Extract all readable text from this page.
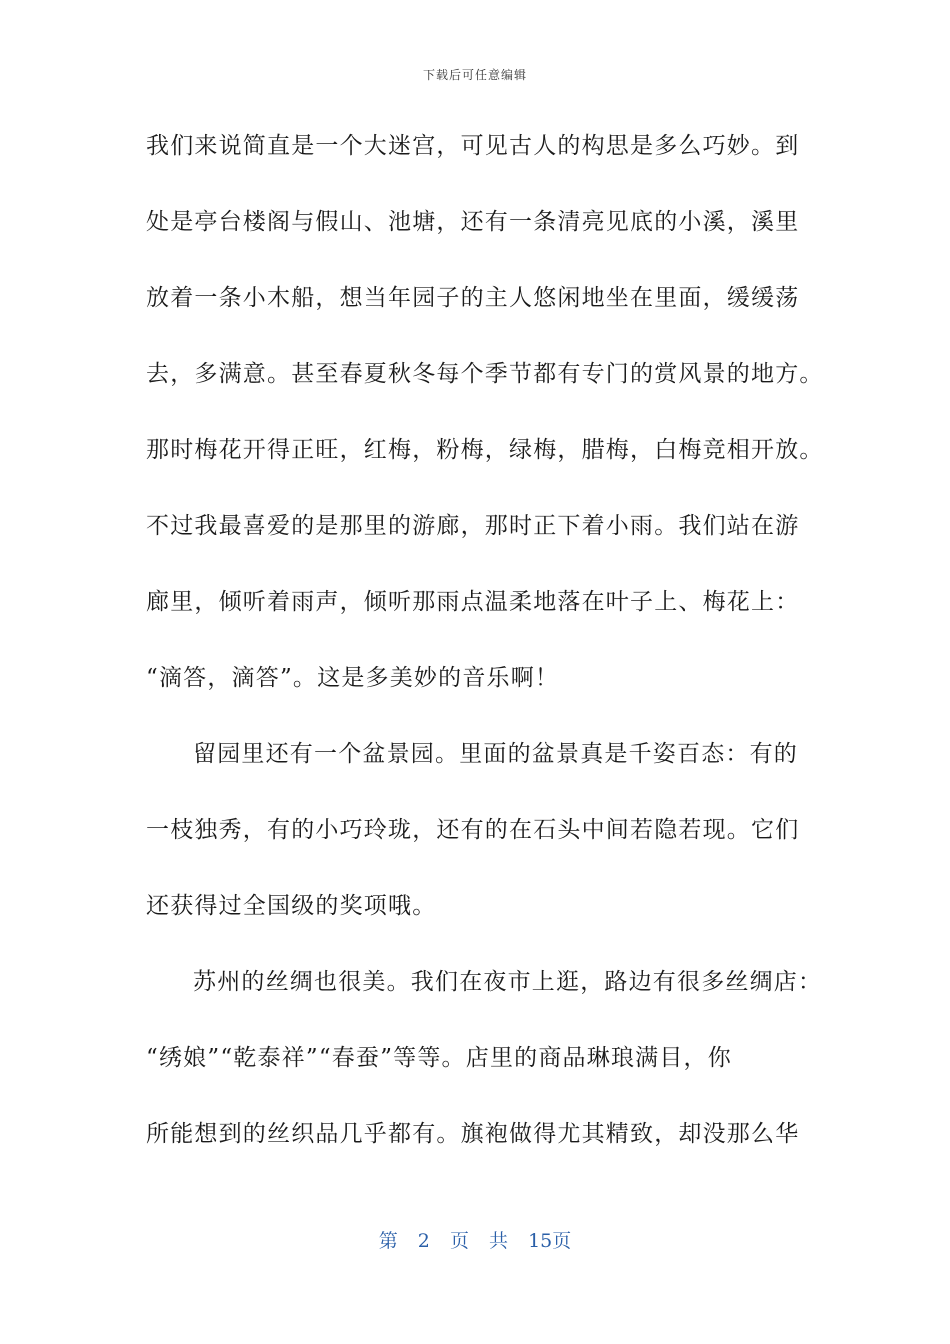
下载后可任意编辑
我们来说简直是一个大迷宫，可见古人的构思是多么巧妙。到
处是亭台楼阁与假山、池塘，还有一条清亮见底的小溪，溪里
放着一条小木船，想当年园子的主人悠闲地坐在里面，缓缓荡
去，多满意。甚至春夏秋冬每个季节都有专门的赏风景的地方。
那时梅花开得正旺，红梅，粉梅，绿梅，腊梅，白梅竞相开放。
不过我最喜爱的是那里的游廊，那时正下着小雨。我们站在游
廊里，倾听着雨声，倾听那雨点温柔地落在叶子上、梅花上：
“滴答，滴答”。这是多美妙的音乐啊！
留园里还有一个盆景园。里面的盆景真是千姿百态：有的
一枝独秀，有的小巧玲珑，还有的在石头中间若隐若现。它们
还获得过全国级的奖项哦。
苏州的丝绸也很美。我们在夜市上逛，路边有很多丝绸店：
“绣娘”“乾泰祥”“春蚕”等等。店里的商品琳琅满目，你
所能想到的丝织品几乎都有。旗袍做得尤其精致，却没那么华
第 2 页 共 15页
